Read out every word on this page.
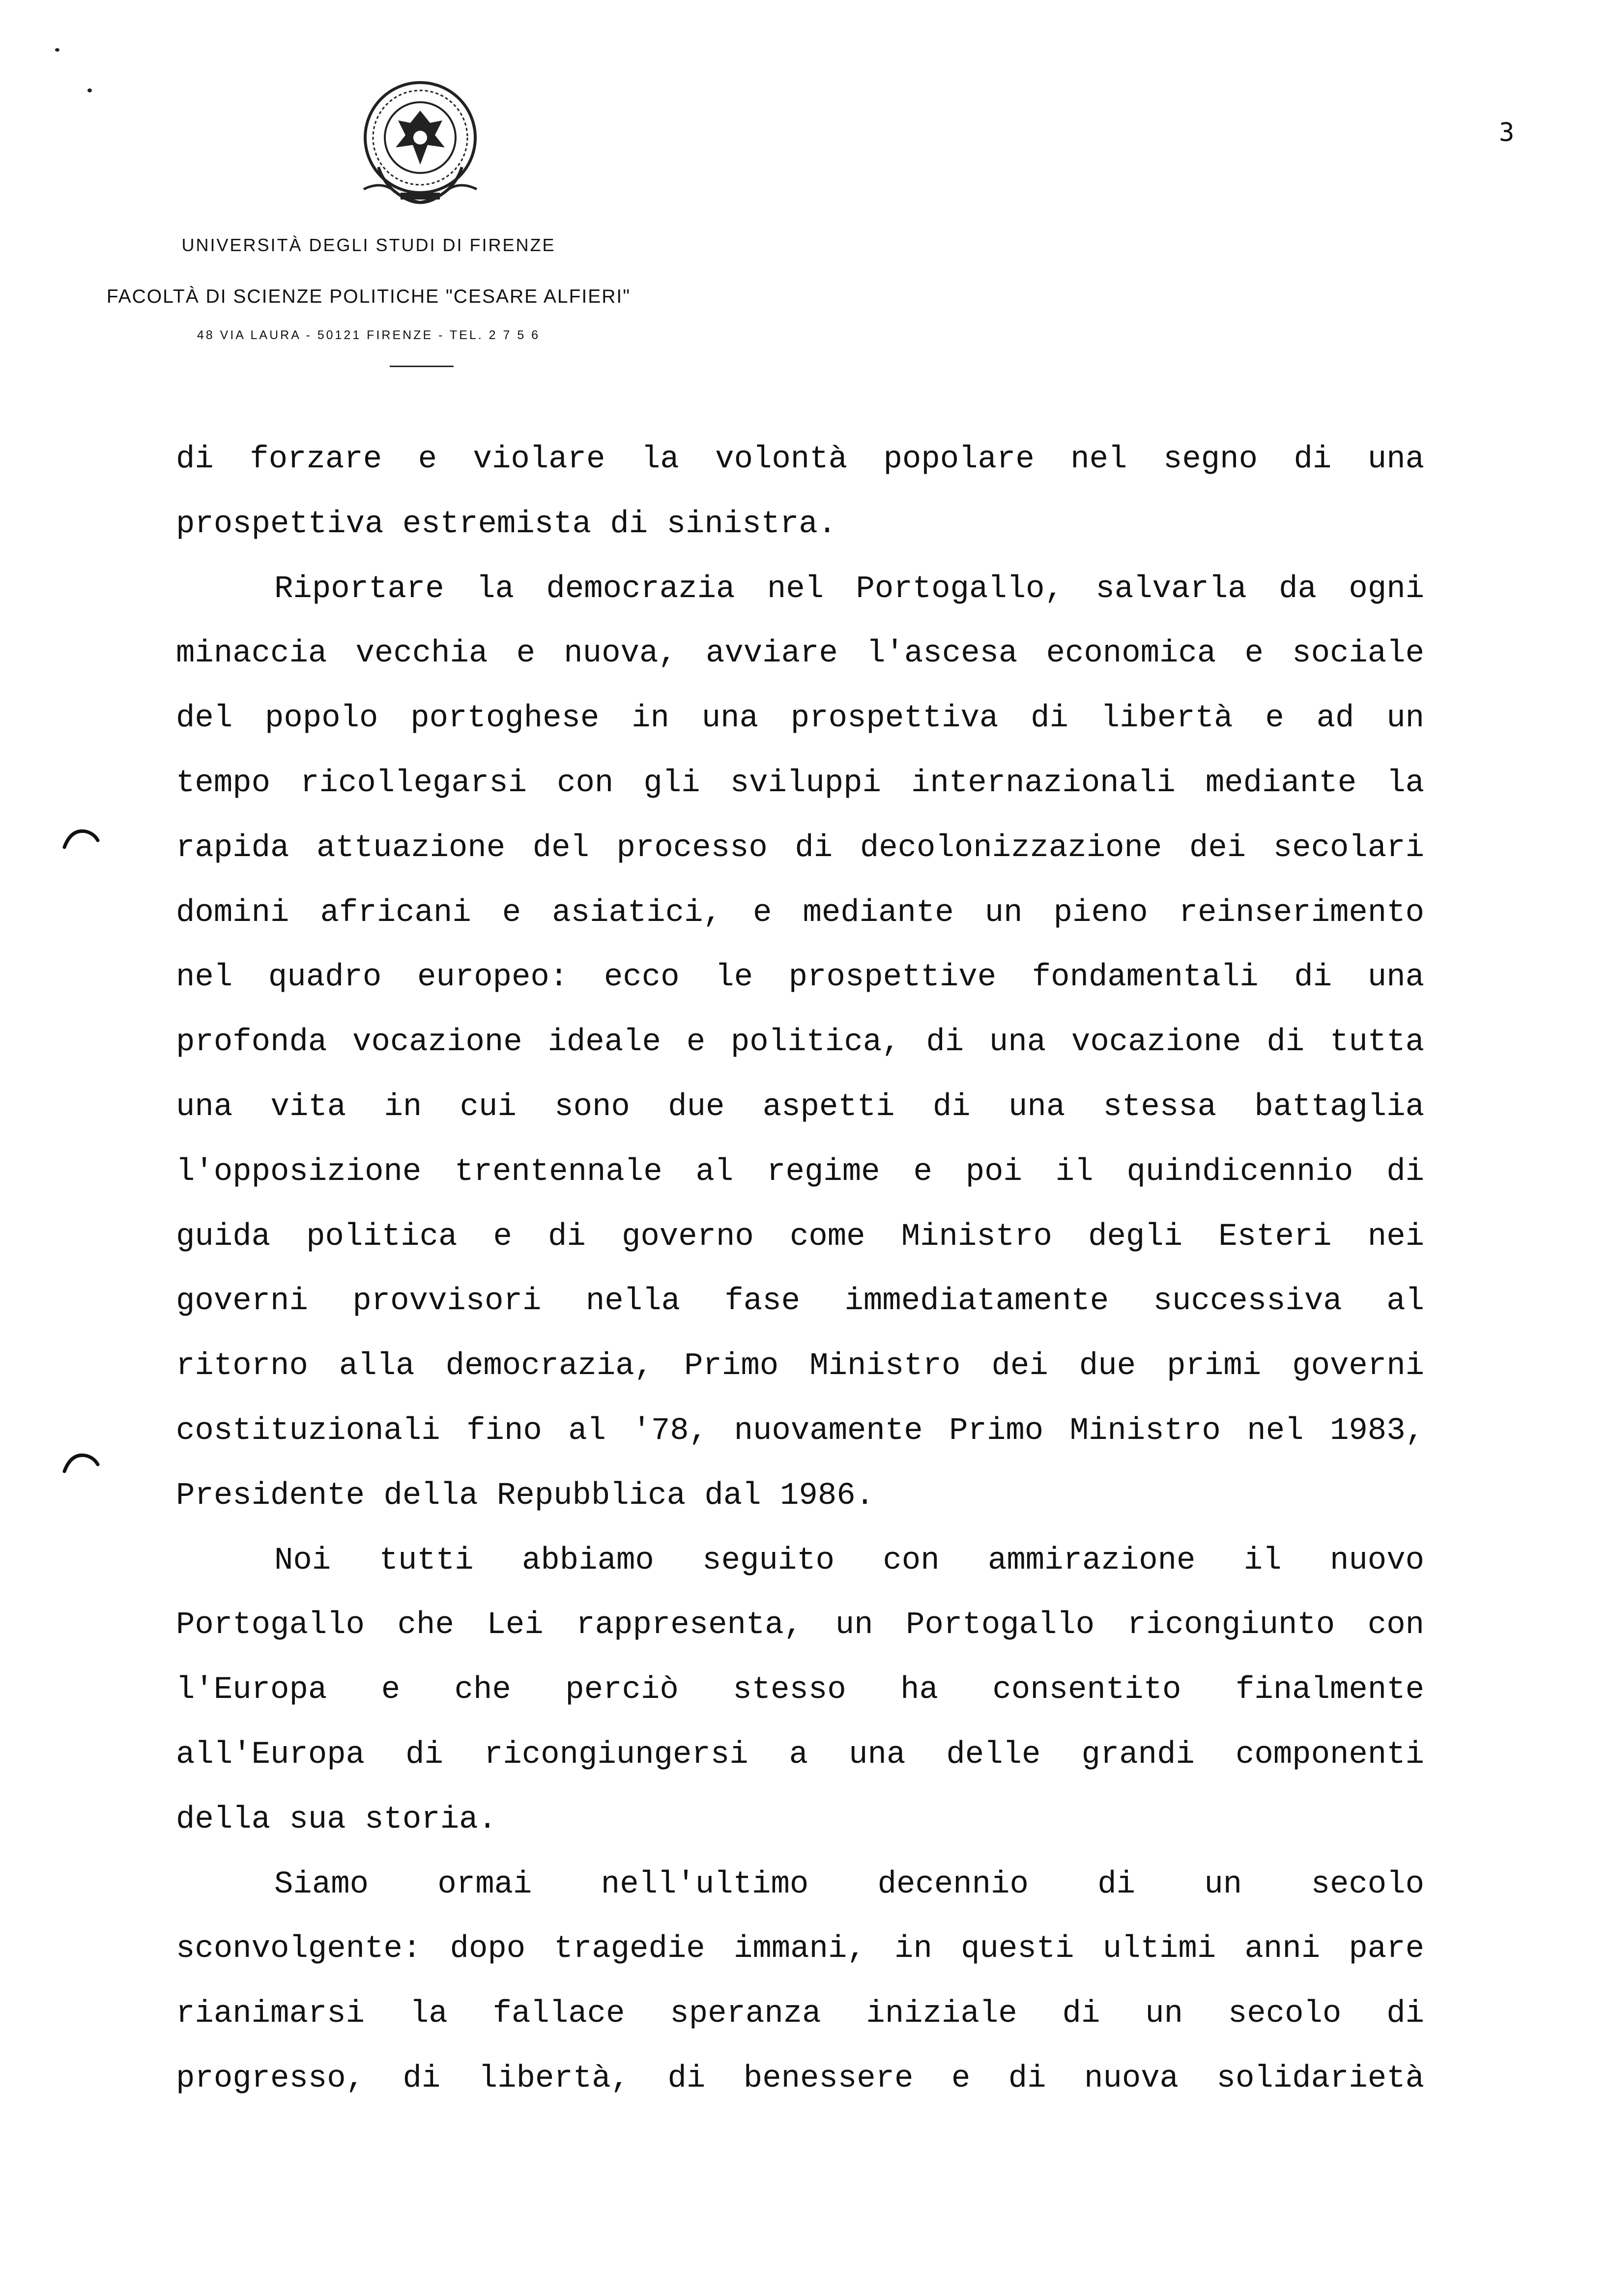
3
UNIVERSITÀ DEGLI STUDI DI FIRENZE
FACOLTÀ DI SCIENZE POLITICHE "CESARE ALFIERI"
48 VIA LAURA - 50121 FIRENZE - TEL. 2 7 5 6
di forzare e violare la volontà popolare nel segno di una
prospettiva estremista di sinistra.
Riportare la democrazia nel Portogallo, salvarla da ogni
minaccia vecchia e nuova, avviare l'ascesa economica e sociale
del popolo portoghese in una prospettiva di libertà e ad un
tempo ricollegarsi con gli sviluppi internazionali mediante la
rapida attuazione del processo di decolonizzazione dei secolari
domini africani e asiatici, e mediante un pieno reinserimento
nel quadro europeo: ecco le prospettive fondamentali di una
profonda vocazione ideale e politica, di una vocazione di tutta
una vita in cui sono due aspetti di una stessa battaglia
l'opposizione trentennale al regime e poi il quindicennio di
guida politica e di governo come Ministro degli Esteri nei
governi provvisori nella fase immediatamente successiva al
ritorno alla democrazia, Primo Ministro dei due primi governi
costituzionali fino al '78, nuovamente Primo Ministro nel 1983,
Presidente della Repubblica dal 1986.
Noi tutti abbiamo seguito con ammirazione il nuovo
Portogallo che Lei rappresenta, un Portogallo ricongiunto con
l'Europa e che perciò stesso ha consentito finalmente
all'Europa di ricongiungersi a una delle grandi componenti
della sua storia.
Siamo ormai nell'ultimo decennio di un secolo
sconvolgente: dopo tragedie immani, in questi ultimi anni pare
rianimarsi la fallace speranza iniziale di un secolo di
progresso, di libertà, di benessere e di nuova solidarietà
